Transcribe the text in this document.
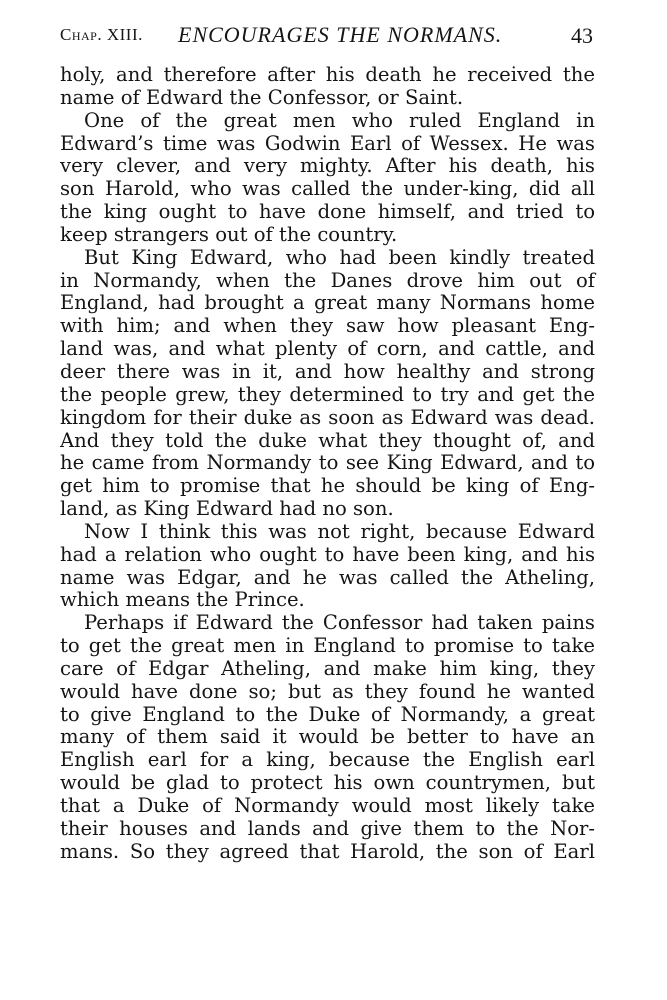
Chap. XIII. ENCOURAGES THE NORMANS.	43
holy, and therefore after his death he received the
name of Edward the Confessor, or Saint.
One of the great men who ruled England in
Edward’s time was Godwin Earl of Wessex. He was
very clever, and very mighty. After his death, his
son Harold, who was called the under-king, did all
the king ought to have done himself, and tried to
keep strangers out of the country.
But King Edward, who had been kindly treated
in Normandy, when the Danes drove him out of
England, had brought a great many Normans home
with him; and when they saw how pleasant Eng-
land was, and what plenty of corn, and cattle, and
deer there was in it, and how healthy and strong
the people grew, they determined to try and get the
kingdom for their duke as soon as Edward was dead.
And they told the duke what they thought of, and
he came from Normandy to see King Edward, and to
get him to promise that he should be king of Eng-
land, as King Edward had no son.
Now I think this was not right, because Edward
had a relation who ought to have been king, and his
name was Edgar, and he was called the Atheling,
which means the Prince.
Perhaps if Edward the Confessor had taken pains
to get the great men in England to promise to take
care of Edgar Atheling, and make him king, they
would have done so; but as they found he wanted
to give England to the Duke of Normandy, a great
many of them said it would be better to have an
English earl for a king, because the English earl
would be glad to protect his own countrymen, but
that a Duke of Normandy would most likely take
their houses and lands and give them to the Nor-
mans. So they agreed that Harold, the son of Earl
